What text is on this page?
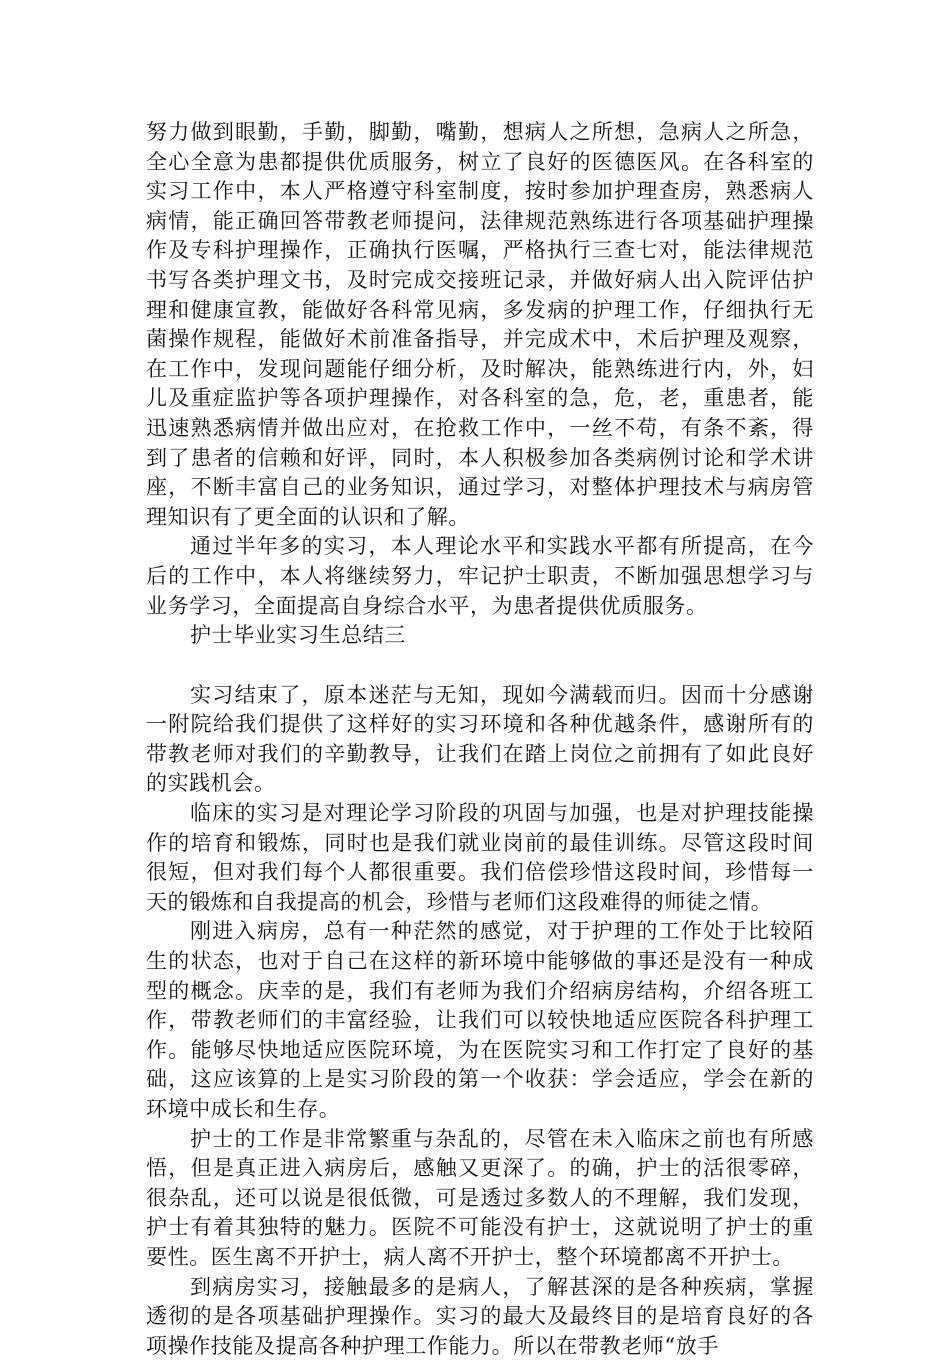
努力做到眼勤，手勤，脚勤，嘴勤，想病人之所想，急病人之所急，全心全意为患都提供优质服务，树立了良好的医德医风。在各科室的实习工作中，本人严格遵守科室制度，按时参加护理查房，熟悉病人病情，能正确回答带教老师提问，法律规范熟练进行各项基础护理操作及专科护理操作，正确执行医嘱，严格执行三查七对，能法律规范书写各类护理文书，及时完成交接班记录，并做好病人出入院评估护理和健康宣教，能做好各科常见病，多发病的护理工作，仔细执行无菌操作规程，能做好术前准备指导，并完成术中，术后护理及观察，在工作中，发现问题能仔细分析，及时解决，能熟练进行内，外，妇儿及重症监护等各项护理操作，对各科室的急，危，老，重患者，能迅速熟悉病情并做出应对，在抢救工作中，一丝不苟，有条不紊，得到了患者的信赖和好评，同时，本人积极参加各类病例讨论和学术讲座，不断丰富自己的业务知识，通过学习，对整体护理技术与病房管理知识有了更全面的认识和了解。

通过半年多的实习，本人理论水平和实践水平都有所提高，在今后的工作中，本人将继续努力，牢记护士职责，不断加强思想学习与业务学习，全面提高自身综合水平，为患者提供优质服务。

护士毕业实习生总结三

实习结束了，原本迷茫与无知，现如今满载而归。因而十分感谢一附院给我们提供了这样好的实习环境和各种优越条件，感谢所有的带教老师对我们的辛勤教导，让我们在踏上岗位之前拥有了如此良好的实践机会。

临床的实习是对理论学习阶段的巩固与加强，也是对护理技能操作的培育和锻炼，同时也是我们就业岗前的最佳训练。尽管这段时间很短，但对我们每个人都很重要。我们倍偿珍惜这段时间，珍惜每一天的锻炼和自我提高的机会，珍惜与老师们这段难得的师徒之情。

刚进入病房，总有一种茫然的感觉，对于护理的工作处于比较陌生的状态，也对于自己在这样的新环境中能够做的事还是没有一种成型的概念。庆幸的是，我们有老师为我们介绍病房结构，介绍各班工作，带教老师们的丰富经验，让我们可以较快地适应医院各科护理工作。能够尽快地适应医院环境，为在医院实习和工作打定了良好的基础，这应该算的上是实习阶段的第一个收获：学会适应，学会在新的环境中成长和生存。

护士的工作是非常繁重与杂乱的，尽管在未入临床之前也有所感悟，但是真正进入病房后，感触又更深了。的确，护士的活很零碎，很杂乱，还可以说是很低微，可是透过多数人的不理解，我们发现，护士有着其独特的魅力。医院不可能没有护士，这就说明了护士的重要性。医生离不开护士，病人离不开护士，整个环境都离不开护士。

到病房实习，接触最多的是病人，了解甚深的是各种疾病，掌握透彻的是各项基础护理操作。实习的最大及最终目的是培育良好的各项操作技能及提高各种护理工作能力。所以在带教老师“放手
